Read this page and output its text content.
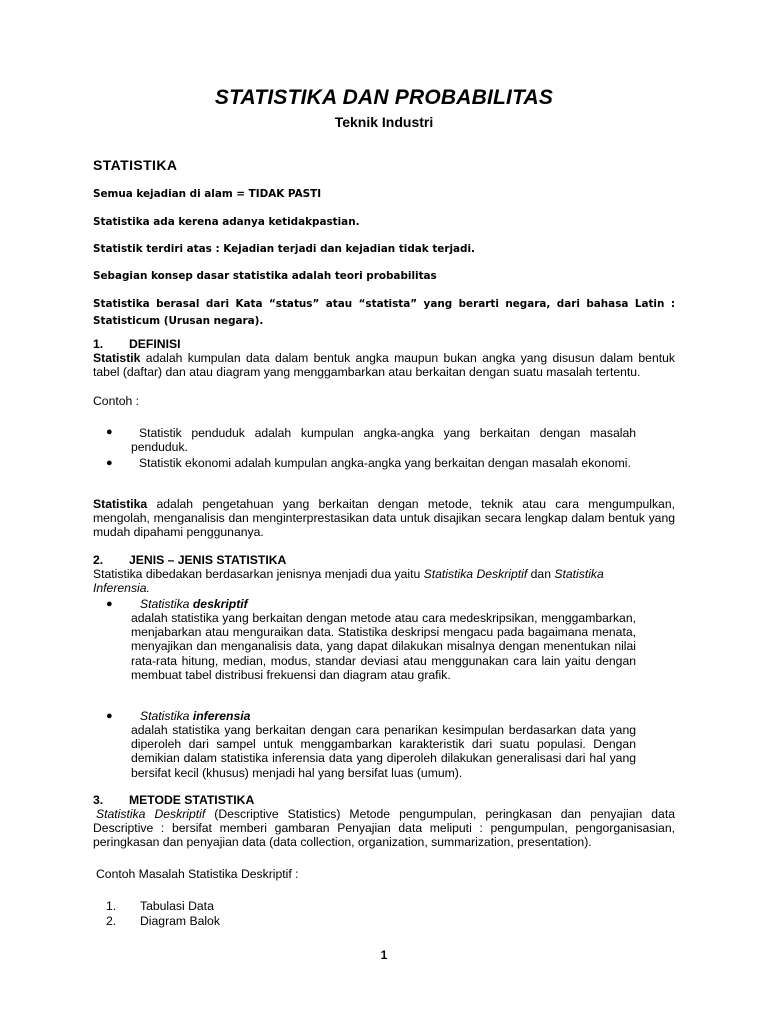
STATISTIKA DAN PROBABILITAS
Teknik Industri
STATISTIKA
Semua kejadian di alam = TIDAK PASTI
Statistika ada kerena adanya ketidakpastian.
Statistik terdiri atas : Kejadian terjadi dan kejadian tidak terjadi.
Sebagian konsep dasar statistika adalah teori probabilitas
Statistika berasal dari Kata “status” atau “statista” yang berarti negara, dari bahasa Latin : Statisticum (Urusan negara).
1. DEFINISI
Statistik adalah kumpulan data dalam bentuk angka maupun bukan angka yang disusun dalam bentuk tabel (daftar) dan atau diagram yang menggambarkan atau berkaitan dengan suatu masalah tertentu.
Contoh :
●	Statistik penduduk adalah kumpulan angka-angka yang berkaitan dengan masalah penduduk.
●	Statistik ekonomi adalah kumpulan angka-angka yang berkaitan dengan masalah ekonomi.
Statistika adalah pengetahuan yang berkaitan dengan metode, teknik atau cara mengumpulkan, mengolah, menganalisis dan menginterprestasikan data untuk disajikan secara lengkap dalam bentuk yang mudah dipahami penggunanya.
2. JENIS – JENIS STATISTIKA
Statistika dibedakan berdasarkan jenisnya menjadi dua yaitu Statistika Deskriptif dan Statistika Inferensia.
● Statistika deskriptif
adalah statistika yang berkaitan dengan metode atau cara medeskripsikan, menggambarkan, menjabarkan atau menguraikan data. Statistika deskripsi mengacu pada bagaimana menata, menyajikan dan menganalisis data, yang dapat dilakukan misalnya dengan menentukan nilai rata-rata hitung, median, modus, standar deviasi atau menggunakan cara lain yaitu dengan membuat tabel distribusi frekuensi dan diagram atau grafik.
● Statistika inferensia
adalah statistika yang berkaitan dengan cara penarikan kesimpulan berdasarkan data yang diperoleh dari sampel untuk menggambarkan karakteristik dari suatu populasi. Dengan demikian dalam statistika inferensia data yang diperoleh dilakukan generalisasi dari hal yang bersifat kecil (khusus) menjadi hal yang bersifat luas (umum).
3. METODE STATISTIKA
Statistika Deskriptif (Descriptive Statistics) Metode pengumpulan, peringkasan dan penyajian data Descriptive : bersifat memberi gambaran Penyajian data meliputi : pengumpulan, pengorganisasian, peringkasan dan penyajian data (data collection, organization, summarization, presentation).
Contoh Masalah Statistika Deskriptif :
1. Tabulasi Data
2. Diagram Balok
1
